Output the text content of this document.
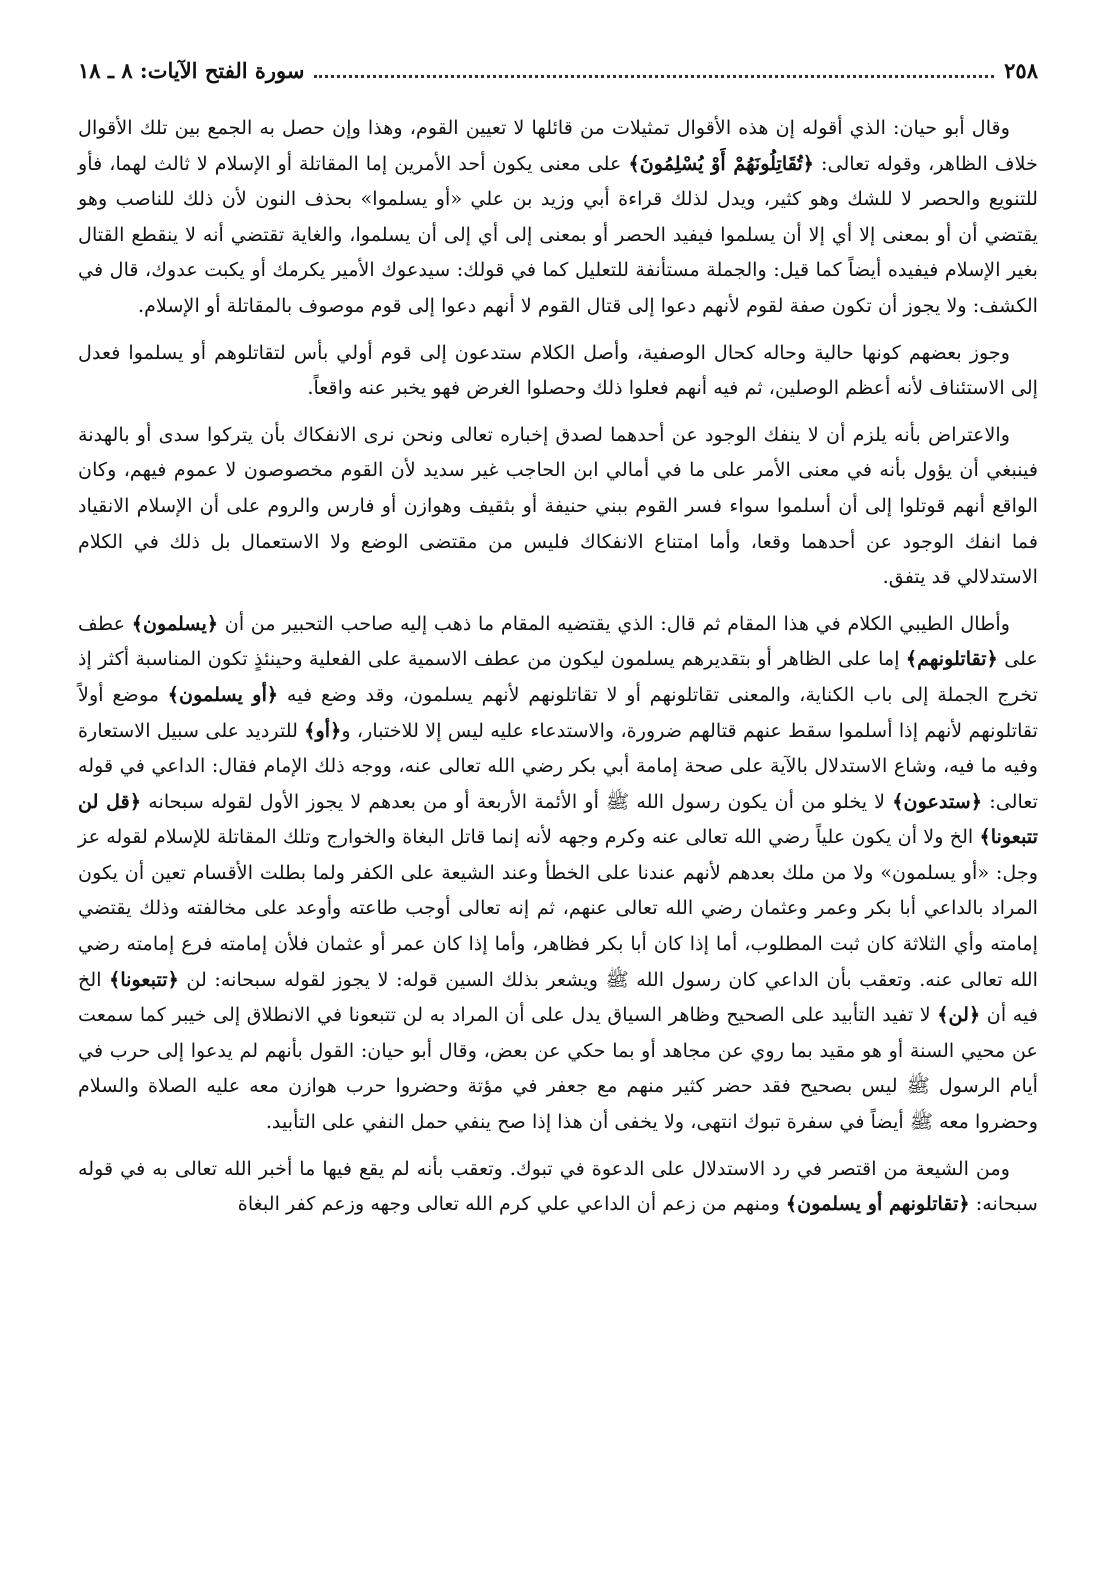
٢٥٨
سورة الفتح الآيات: ٨ ـ ١٨

وقال أبو حيان: الذي أقوله إن هذه الأقوال تمثيلات من قائلها لا تعيين القوم، وهذا وإن حصل به الجمع بين تلك الأقوال خلاف الظاهر، وقوله تعالى: ﴿تُقَاتِلُونَهُمْ أَوْ يُسْلِمُونَ﴾ على معنى يكون أحد الأمرين إما المقاتلة أو الإسلام لا ثالث لهما، فأو للتنويع والحصر لا للشك وهو كثير، ويدل لذلك قراءة أبي وزيد بن علي «أو يسلموا» بحذف النون لأن ذلك للناصب وهو يقتضي أن أو بمعنى إلا أي إلا أن يسلموا فيفيد الحصر أو بمعنى إلى أي إلى أن يسلموا، والغاية تقتضي أنه لا ينقطع القتال بغير الإسلام فيفيده أيضاً كما قيل: والجملة مستأنفة للتعليل كما في قولك: سيدعوك الأمير يكرمك أو يكبت عدوك، قال في الكشف: ولا يجوز أن تكون صفة لقوم لأنهم دعوا إلى قتال القوم لا أنهم دعوا إلى قوم موصوف بالمقاتلة أو الإسلام.

وجوز بعضهم كونها حالية وحاله كحال الوصفية، وأصل الكلام ستدعون إلى قوم أولي بأس لتقاتلوهم أو يسلموا فعدل إلى الاستئناف لأنه أعظم الوصلين، ثم فيه أنهم فعلوا ذلك وحصلوا الغرض فهو يخبر عنه واقعاً.

والاعتراض بأنه يلزم أن لا ينفك الوجود عن أحدهما لصدق إخباره تعالى ونحن نرى الانفكاك بأن يتركوا سدى أو بالهدنة فينبغي أن يؤول بأنه في معنى الأمر على ما في أمالي ابن الحاجب غير سديد لأن القوم مخصوصون لا عموم فيهم، وكان الواقع أنهم قوتلوا إلى أن أسلموا سواء فسر القوم ببني حنيفة أو بثقيف وهوازن أو فارس والروم على أن الإسلام الانقياد فما انفك الوجود عن أحدهما وقعا، وأما امتناع الانفكاك فليس من مقتضى الوضع ولا الاستعمال بل ذلك في الكلام الاستدلالي قد يتفق.

وأطال الطيبي الكلام في هذا المقام ثم قال: الذي يقتضيه المقام ما ذهب إليه صاحب التحبير من أن ﴿يسلمون﴾ عطف على ﴿تقاتلونهم﴾ إما على الظاهر أو بتقديرهم يسلمون ليكون من عطف الاسمية على الفعلية وحينئذٍ تكون المناسبة أكثر إذ تخرج الجملة إلى باب الكناية، والمعنى تقاتلونهم أو لا تقاتلونهم لأنهم يسلمون، وقد وضع فيه ﴿أو يسلمون﴾ موضع أولاً تقاتلونهم لأنهم إذا أسلموا سقط عنهم قتالهم ضرورة، والاستدعاء عليه ليس إلا للاختبار، و﴿أو﴾ للترديد على سبيل الاستعارة وفيه ما فيه، وشاع الاستدلال بالآية على صحة إمامة أبي بكر رضي الله تعالى عنه، ووجه ذلك الإمام فقال: الداعي في قوله تعالى: ﴿ستدعون﴾ لا يخلو من أن يكون رسول الله ﷺ أو الأئمة الأربعة أو من بعدهم لا يجوز الأول لقوله سبحانه ﴿قل لن تتبعونا﴾ الخ ولا أن يكون علياً رضي الله تعالى عنه وكرم وجهه لأنه إنما قاتل البغاة والخوارج وتلك المقاتلة للإسلام لقوله عز وجل: «أو يسلمون» ولا من ملك بعدهم لأنهم عندنا على الخطأ وعند الشيعة على الكفر ولما بطلت الأقسام تعين أن يكون المراد بالداعي أبا بكر وعمر وعثمان رضي الله تعالى عنهم، ثم إنه تعالى أوجب طاعته وأوعد على مخالفته وذلك يقتضي إمامته وأي الثلاثة كان ثبت المطلوب، أما إذا كان أبا بكر فظاهر، وأما إذا كان عمر أو عثمان فلأن إمامته فرع إمامته رضي الله تعالى عنه. وتعقب بأن الداعي كان رسول الله ﷺ ويشعر بذلك السين قوله: لا يجوز لقوله سبحانه: لن ﴿تتبعونا﴾ الخ فيه أن ﴿لن﴾ لا تفيد التأبيد على الصحيح وظاهر السياق يدل على أن المراد به لن تتبعونا في الانطلاق إلى خيبر كما سمعت عن محيي السنة أو هو مقيد بما روي عن مجاهد أو بما حكي عن بعض، وقال أبو حيان: القول بأنهم لم يدعوا إلى حرب في أيام الرسول ﷺ ليس بصحيح فقد حضر كثير منهم مع جعفر في مؤتة وحضروا حرب هوازن معه عليه الصلاة والسلام وحضروا معه ﷺ أيضاً في سفرة تبوك انتهى، ولا يخفى أن هذا إذا صح ينفي حمل النفي على التأبيد.

ومن الشيعة من اقتصر في رد الاستدلال على الدعوة في تبوك. وتعقب بأنه لم يقع فيها ما أخبر الله تعالى به في قوله سبحانه: ﴿تقاتلونهم أو يسلمون﴾ ومنهم من زعم أن الداعي علي كرم الله تعالى وجهه وزعم كفر البغاة
